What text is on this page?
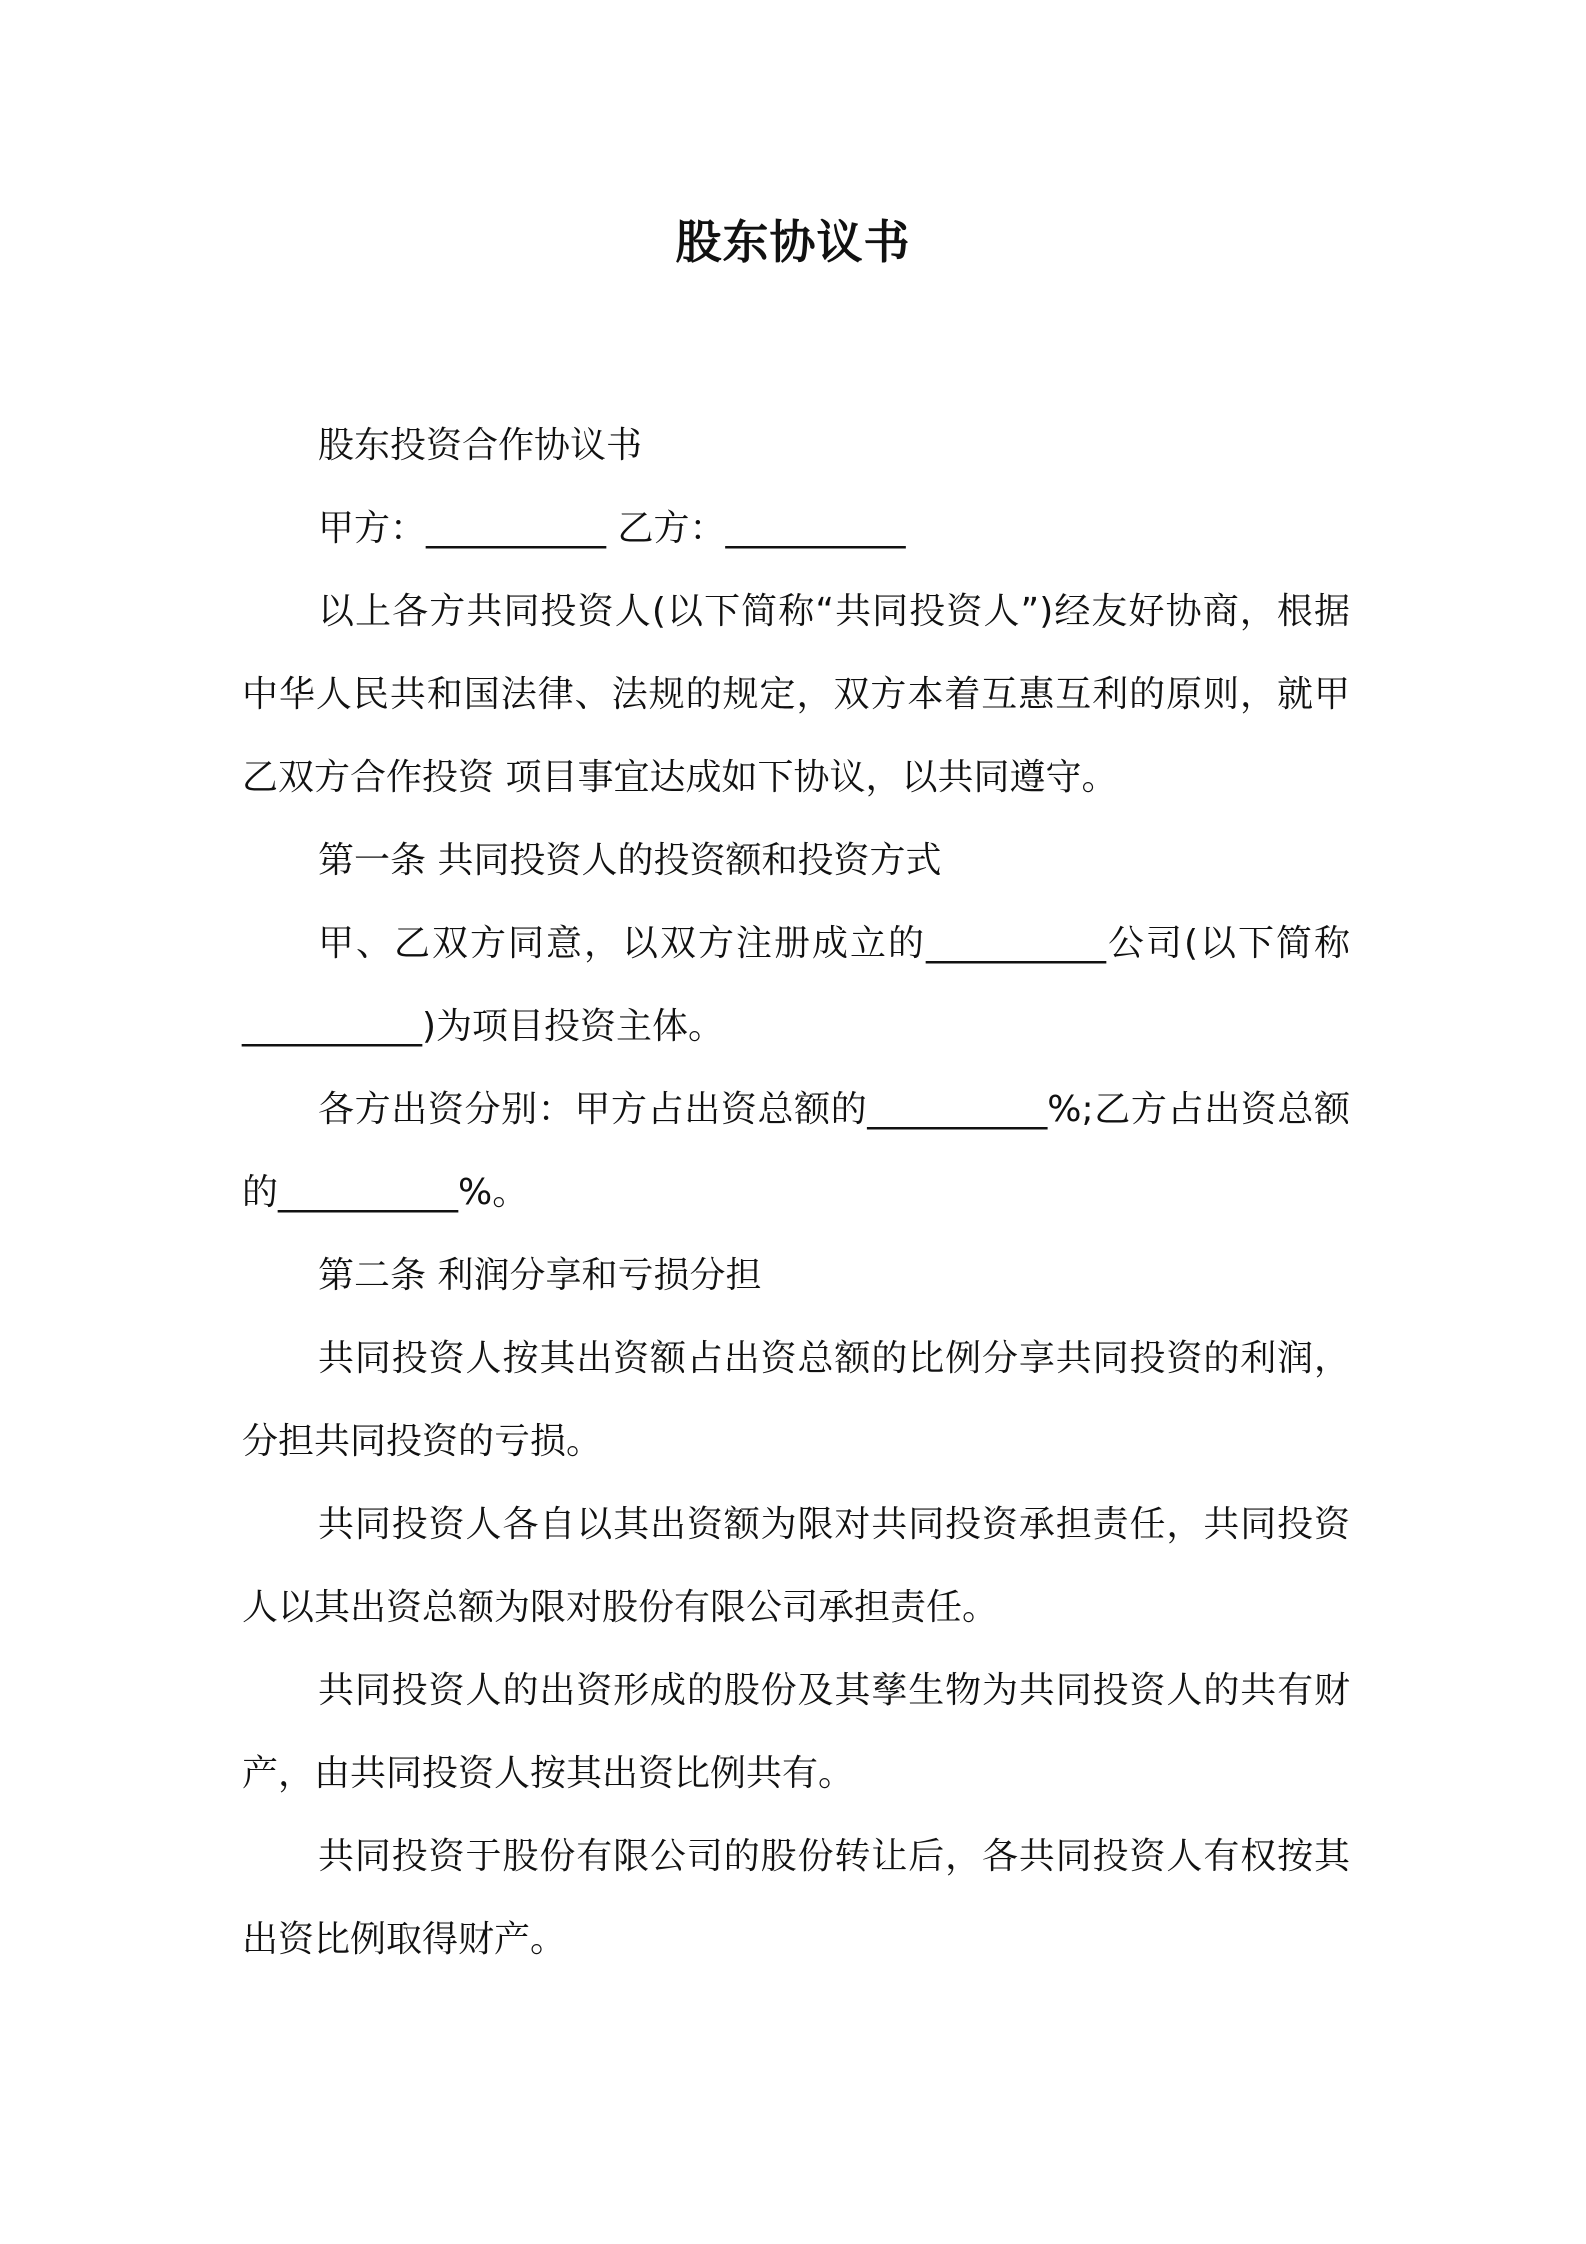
股东协议书

股东投资合作协议书

甲方：__________ 乙方：__________

以上各方共同投资人(以下简称“共同投资人”)经友好协商，根据中华人民共和国法律、法规的规定，双方本着互惠互利的原则，就甲乙双方合作投资 项目事宜达成如下协议，以共同遵守。

第一条 共同投资人的投资额和投资方式

甲、乙双方同意，以双方注册成立的__________公司(以下简称__________)为项目投资主体。

各方出资分别：甲方占出资总额的__________%;乙方占出资总额的__________%。

第二条 利润分享和亏损分担

共同投资人按其出资额占出资总额的比例分享共同投资的利润，分担共同投资的亏损。

共同投资人各自以其出资额为限对共同投资承担责任，共同投资人以其出资总额为限对股份有限公司承担责任。

共同投资人的出资形成的股份及其孳生物为共同投资人的共有财产，由共同投资人按其出资比例共有。

共同投资于股份有限公司的股份转让后，各共同投资人有权按其出资比例取得财产。
